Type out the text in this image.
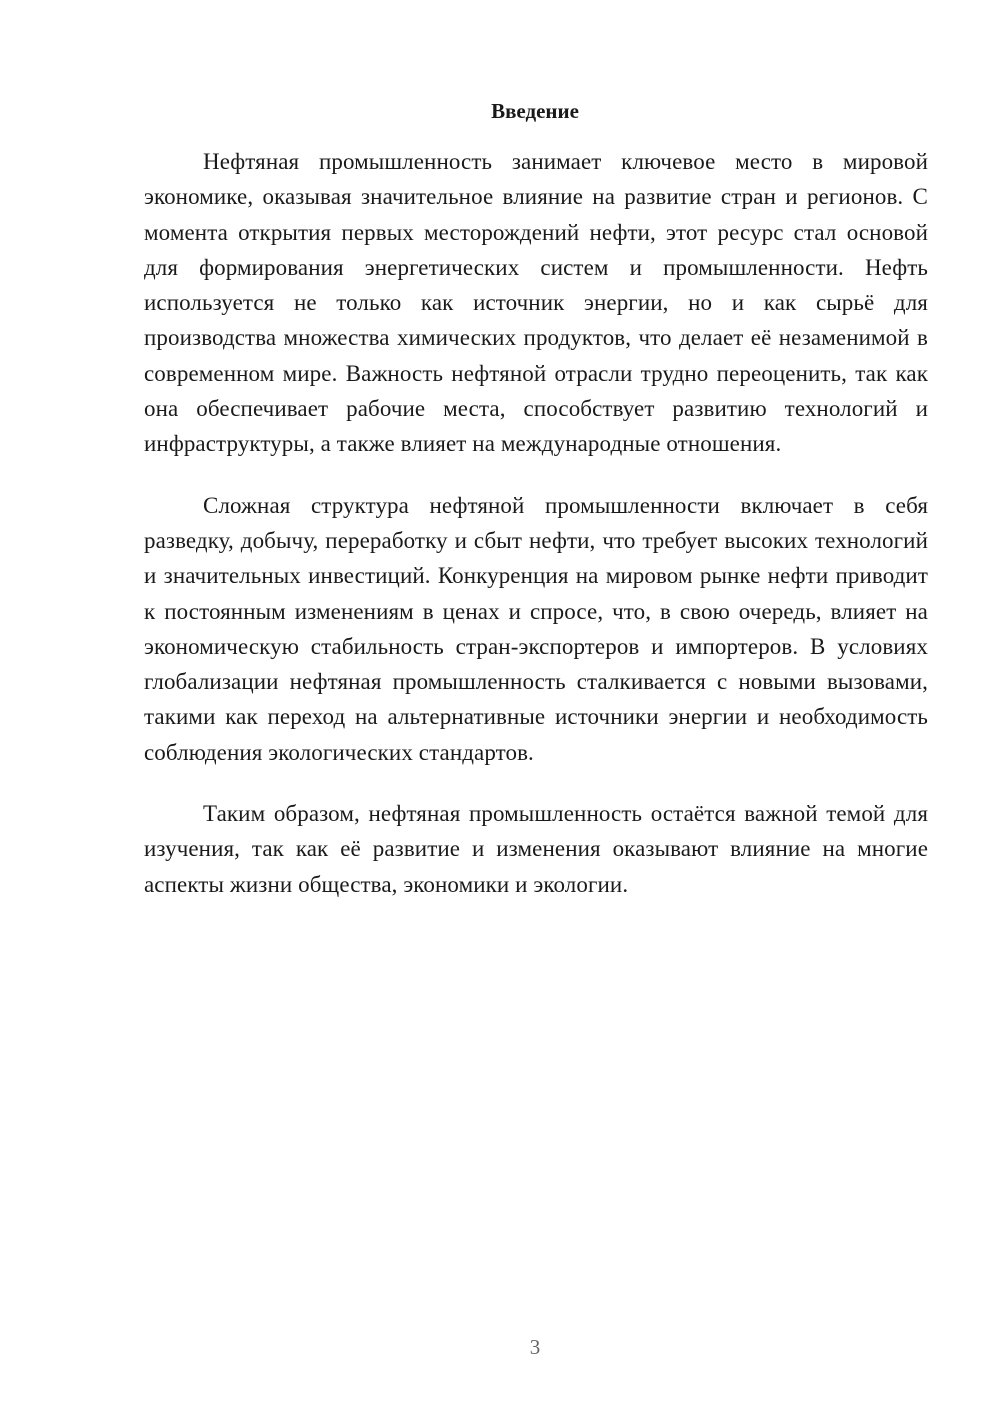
Введение

Нефтяная промышленность занимает ключевое место в мировой экономике, оказывая значительное влияние на развитие стран и регионов. С момента открытия первых месторождений нефти, этот ресурс стал основой для формирования энергетических систем и промышленности. Нефть используется не только как источник энергии, но и как сырьё для производства множества химических продуктов, что делает её незаменимой в современном мире. Важность нефтяной отрасли трудно переоценить, так как она обеспечивает рабочие места, способствует развитию технологий и инфраструктуры, а также влияет на международные отношения.

Сложная структура нефтяной промышленности включает в себя разведку, добычу, переработку и сбыт нефти, что требует высоких технологий и значительных инвестиций. Конкуренция на мировом рынке нефти приводит к постоянным изменениям в ценах и спросе, что, в свою очередь, влияет на экономическую стабильность стран-экспортеров и импортеров. В условиях глобализации нефтяная промышленность сталкивается с новыми вызовами, такими как переход на альтернативные источники энергии и необходимость соблюдения экологических стандартов.

Таким образом, нефтяная промышленность остаётся важной темой для изучения, так как её развитие и изменения оказывают влияние на многие аспекты жизни общества, экономики и экологии.

3
